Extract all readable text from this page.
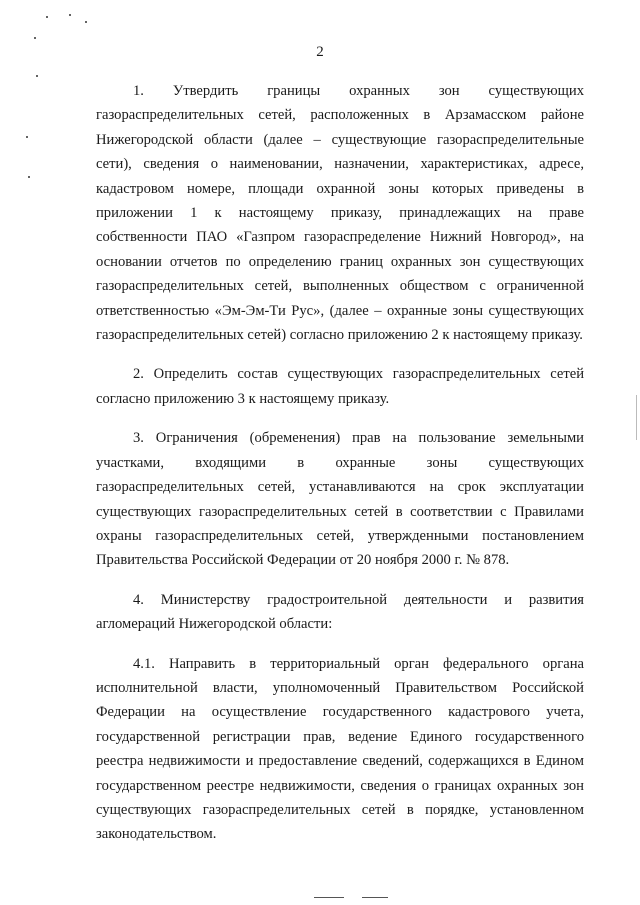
2

1. Утвердить границы охранных зон существующих газораспределительных сетей, расположенных в Арзамасском районе Нижегородской области (далее – существующие газораспределительные сети), сведения о наименовании, назначении, характеристиках, адресе, кадастровом номере, площади охранной зоны которых приведены в приложении 1 к настоящему приказу, принадлежащих на праве собственности ПАО «Газпром газораспределение Нижний Новгород», на основании отчетов по определению границ охранных зон существующих газораспределительных сетей, выполненных обществом с ограниченной ответственностью «Эм-Эм-Ти Рус», (далее – охранные зоны существующих газораспределительных сетей) согласно приложению 2 к настоящему приказу.

2. Определить состав существующих газораспределительных сетей согласно приложению 3 к настоящему приказу.

3. Ограничения (обременения) прав на пользование земельными участками, входящими в охранные зоны существующих газораспределительных сетей, устанавливаются на срок эксплуатации существующих газораспределительных сетей в соответствии с Правилами охраны газораспределительных сетей, утвержденными постановлением Правительства Российской Федерации от 20 ноября 2000 г. № 878.

4. Министерству градостроительной деятельности и развития агломераций Нижегородской области:

4.1. Направить в территориальный орган федерального органа исполнительной власти, уполномоченный Правительством Российской Федерации на осуществление государственного кадастрового учета, государственной регистрации прав, ведение Единого государственного реестра недвижимости и предоставление сведений, содержащихся в Едином государственном реестре недвижимости, сведения о границах охранных зон существующих газораспределительных сетей в порядке, установленном законодательством.
